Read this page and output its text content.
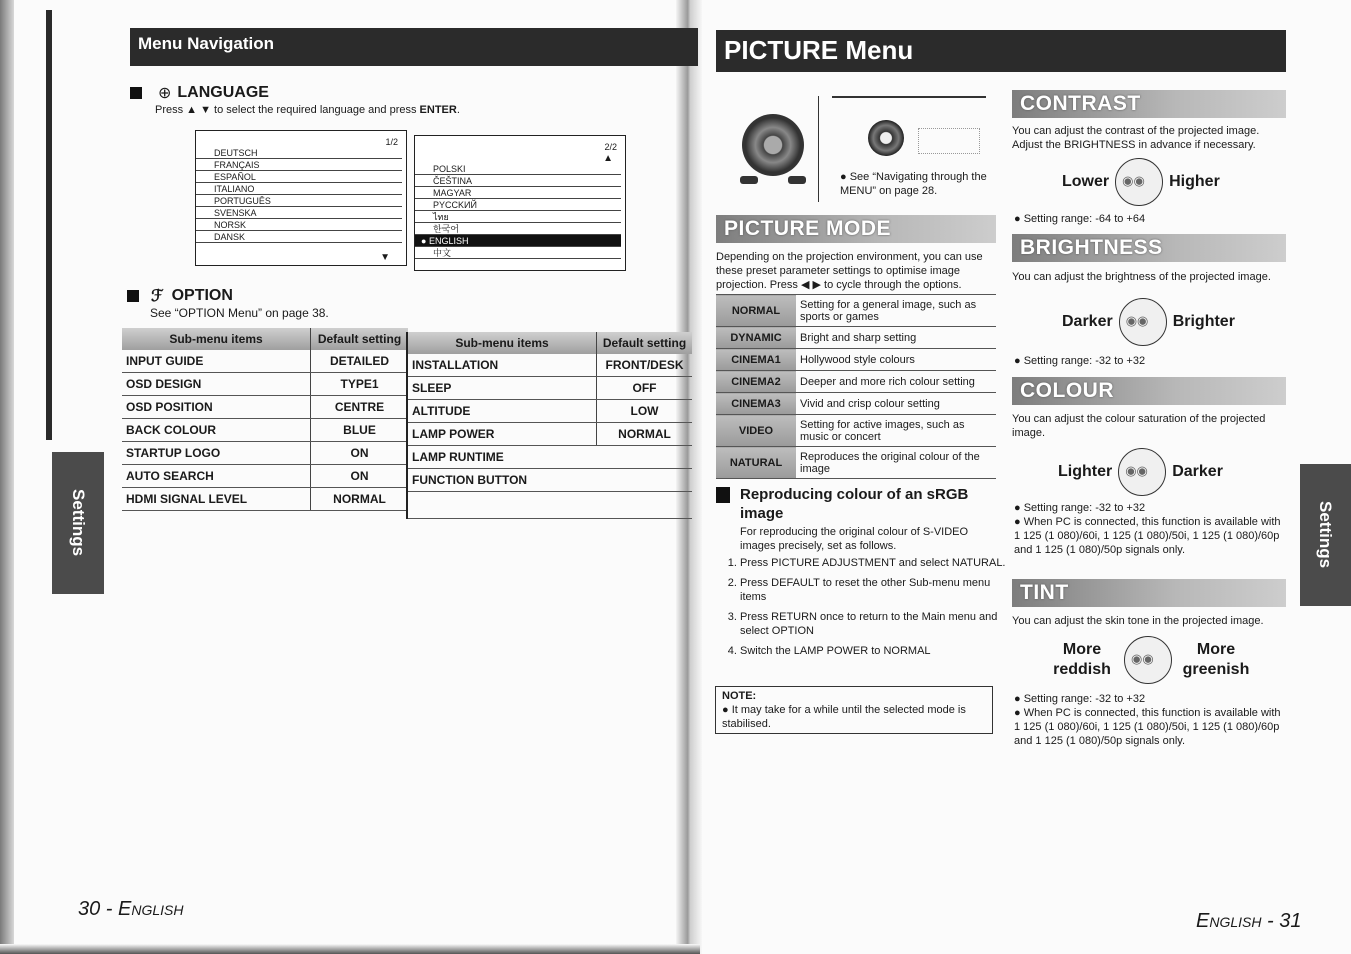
Menu Navigation
⊕ LANGUAGE
Press ▲ ▼ to select the required language and press ENTER.
1/2
DEUTSCH
FRANÇAIS
ESPAÑOL
ITALIANO
PORTUGUÊS
SVENSKA
NORSK
DANSK
▼
2/2
▲
POLSKI
ČEŠTINA
MAGYAR
PYCCKИЙ
ไทย
한국어
● ENGLISH
中文
ℱ OPTION
See “OPTION Menu” on page 38.
Sub-menu items	Default setting
INPUT GUIDE	DETAILED
OSD DESIGN	TYPE1
OSD POSITION	CENTRE
BACK COLOUR	BLUE
STARTUP LOGO	ON
AUTO SEARCH	ON
HDMI SIGNAL LEVEL	NORMAL
Sub-menu items	Default setting
INSTALLATION	FRONT/DESK
SLEEP	OFF
ALTITUDE	LOW
LAMP POWER	NORMAL
LAMP RUNTIME	
FUNCTION BUTTON	

Settings
30 - English
PICTURE Menu
● See “Navigating through the MENU” on page 28.
PICTURE MODE
Depending on the projection environment, you can use these preset parameter settings to optimise image projection. Press ◀ ▶ to cycle through the options.
NORMAL	Setting for a general image, such as sports or games
DYNAMIC	Bright and sharp setting
CINEMA1	Hollywood style colours
CINEMA2	Deeper and more rich colour setting
CINEMA3	Vivid and crisp colour setting
VIDEO	Setting for active images, such as music or concert
NATURAL	Reproduces the original colour of the image
Reproducing colour of an sRGB image
For reproducing the original colour of S-VIDEO images precisely, set as follows.
1. Press PICTURE ADJUSTMENT and select NATURAL.
2. Press DEFAULT to reset the other Sub-menu menu items
3. Press RETURN once to return to the Main menu and select OPTION
4. Switch the LAMP POWER to NORMAL
NOTE:
● It may take for a while until the selected mode is stabilised.
CONTRAST
You can adjust the contrast of the projected image. Adjust the BRIGHTNESS in advance if necessary.
Lower ◉◉	Higher
● Setting range: -64 to +64
BRIGHTNESS
You can adjust the brightness of the projected image.
Darker ◉◉	Brighter
● Setting range: -32 to +32
COLOUR
You can adjust the colour saturation of the projected image.
Lighter ◉◉	Darker
● Setting range: -32 to +32
● When PC is connected, this function is available with 1 125 (1 080)/60i, 1 125 (1 080)/50i, 1 125 (1 080)/60p and 1 125 (1 080)/50p signals only.
TINT
You can adjust the skin tone in the projected image.
More reddish
◉◉
More greenish
● Setting range: -32 to +32
● When PC is connected, this function is available with 1 125 (1 080)/60i, 1 125 (1 080)/50i, 1 125 (1 080)/60p and 1 125 (1 080)/50p signals only.
Settings
English - 31
